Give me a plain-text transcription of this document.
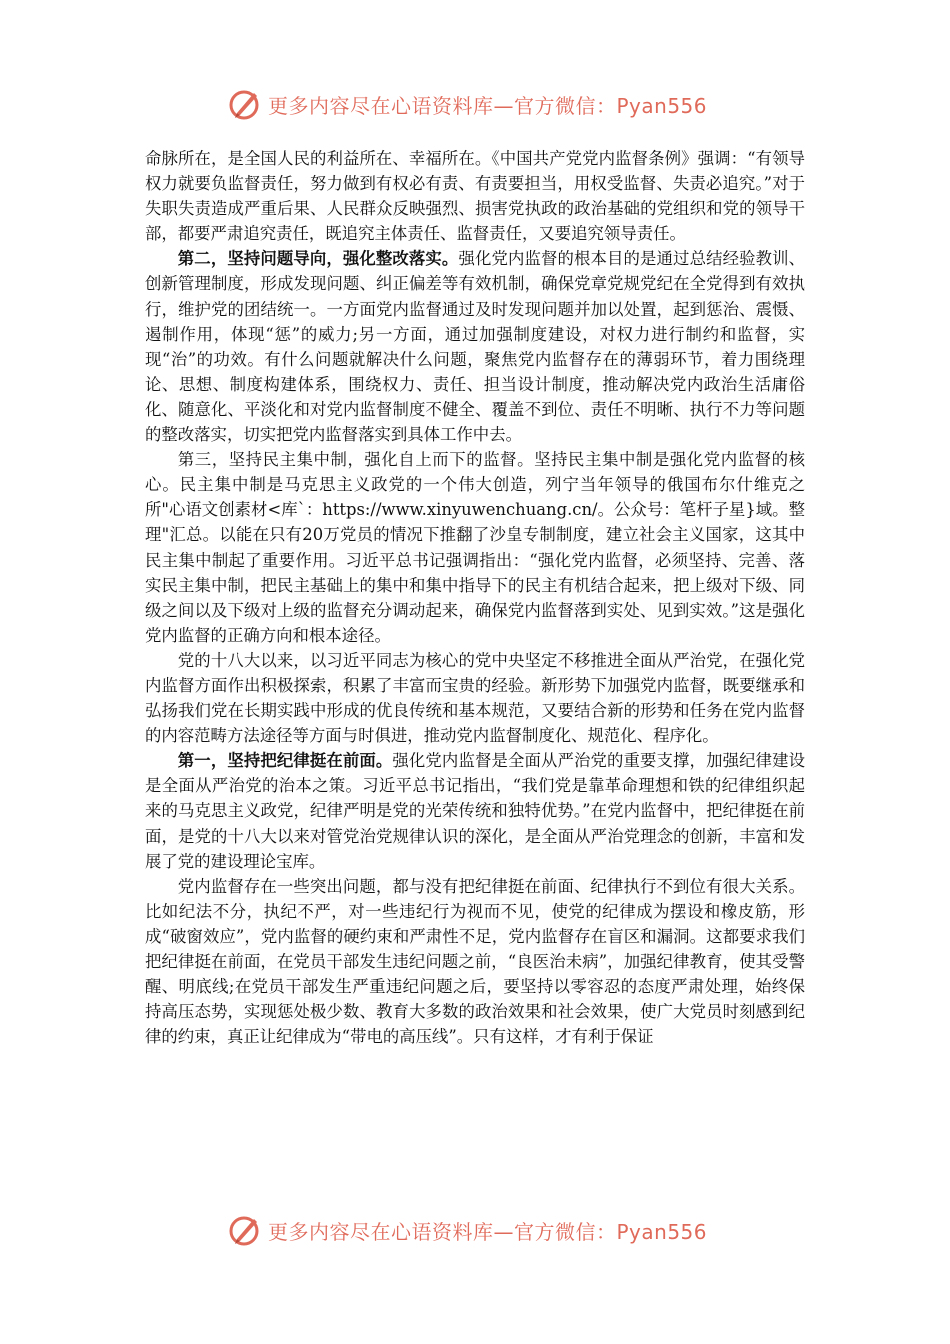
更多内容尽在心语资料库—官方微信：Pyan556

命脉所在，是全国人民的利益所在、幸福所在。《中国共产党党内监督条例》强调：“有领导权力就要负监督责任，努力做到有权必有责、有责要担当，用权受监督、失责必追究。”对于失职失责造成严重后果、人民群众反映强烈、损害党执政的政治基础的党组织和党的领导干部，都要严肃追究责任，既追究主体责任、监督责任，又要追究领导责任。

第二，坚持问题导向，强化整改落实。强化党内监督的根本目的是通过总结经验教训、创新管理制度，形成发现问题、纠正偏差等有效机制，确保党章党规党纪在全党得到有效执行，维护党的团结统一。一方面党内监督通过及时发现问题并加以处置，起到惩治、震慑、遏制作用，体现“惩”的威力;另一方面，通过加强制度建设，对权力进行制约和监督，实现“治”的功效。有什么问题就解决什么问题，聚焦党内监督存在的薄弱环节，着力围绕理论、思想、制度构建体系，围绕权力、责任、担当设计制度，推动解决党内政治生活庸俗化、随意化、平淡化和对党内监督制度不健全、覆盖不到位、责任不明晰、执行不力等问题的整改落实，切实把党内监督落实到具体工作中去。

第三，坚持民主集中制，强化自上而下的监督。坚持民主集中制是强化党内监督的核心。民主集中制是马克思主义政党的一个伟大创造，列宁当年领导的俄国布尔什维克之所"心语文创素材<库`：https://www.xinyuwenchuang.cn/。公众号：笔杆子星}域。整理"汇总。以能在只有20万党员的情况下推翻了沙皇专制制度，建立社会主义国家，这其中民主集中制起了重要作用。习近平总书记强调指出：“强化党内监督，必须坚持、完善、落实民主集中制，把民主基础上的集中和集中指导下的民主有机结合起来，把上级对下级、同级之间以及下级对上级的监督充分调动起来，确保党内监督落到实处、见到实效。”这是强化党内监督的正确方向和根本途径。

党的十八大以来，以习近平同志为核心的党中央坚定不移推进全面从严治党，在强化党内监督方面作出积极探索，积累了丰富而宝贵的经验。新形势下加强党内监督，既要继承和弘扬我们党在长期实践中形成的优良传统和基本规范，又要结合新的形势和任务在党内监督的内容范畴方法途径等方面与时俱进，推动党内监督制度化、规范化、程序化。

第一，坚持把纪律挺在前面。强化党内监督是全面从严治党的重要支撑，加强纪律建设是全面从严治党的治本之策。习近平总书记指出，“我们党是靠革命理想和铁的纪律组织起来的马克思主义政党，纪律严明是党的光荣传统和独特优势。”在党内监督中，把纪律挺在前面，是党的十八大以来对管党治党规律认识的深化，是全面从严治党理念的创新，丰富和发展了党的建设理论宝库。

党内监督存在一些突出问题，都与没有把纪律挺在前面、纪律执行不到位有很大关系。比如纪法不分，执纪不严，对一些违纪行为视而不见，使党的纪律成为摆设和橡皮筋，形成“破窗效应”，党内监督的硬约束和严肃性不足，党内监督存在盲区和漏洞。这都要求我们把纪律挺在前面，在党员干部发生违纪问题之前，“良医治未病”，加强纪律教育，使其受警醒、明底线;在党员干部发生严重违纪问题之后，要坚持以零容忍的态度严肃处理，始终保持高压态势，实现惩处极少数、教育大多数的政治效果和社会效果，使广大党员时刻感到纪律的约束，真正让纪律成为“带电的高压线”。只有这样，才有利于保证

更多内容尽在心语资料库—官方微信：Pyan556
